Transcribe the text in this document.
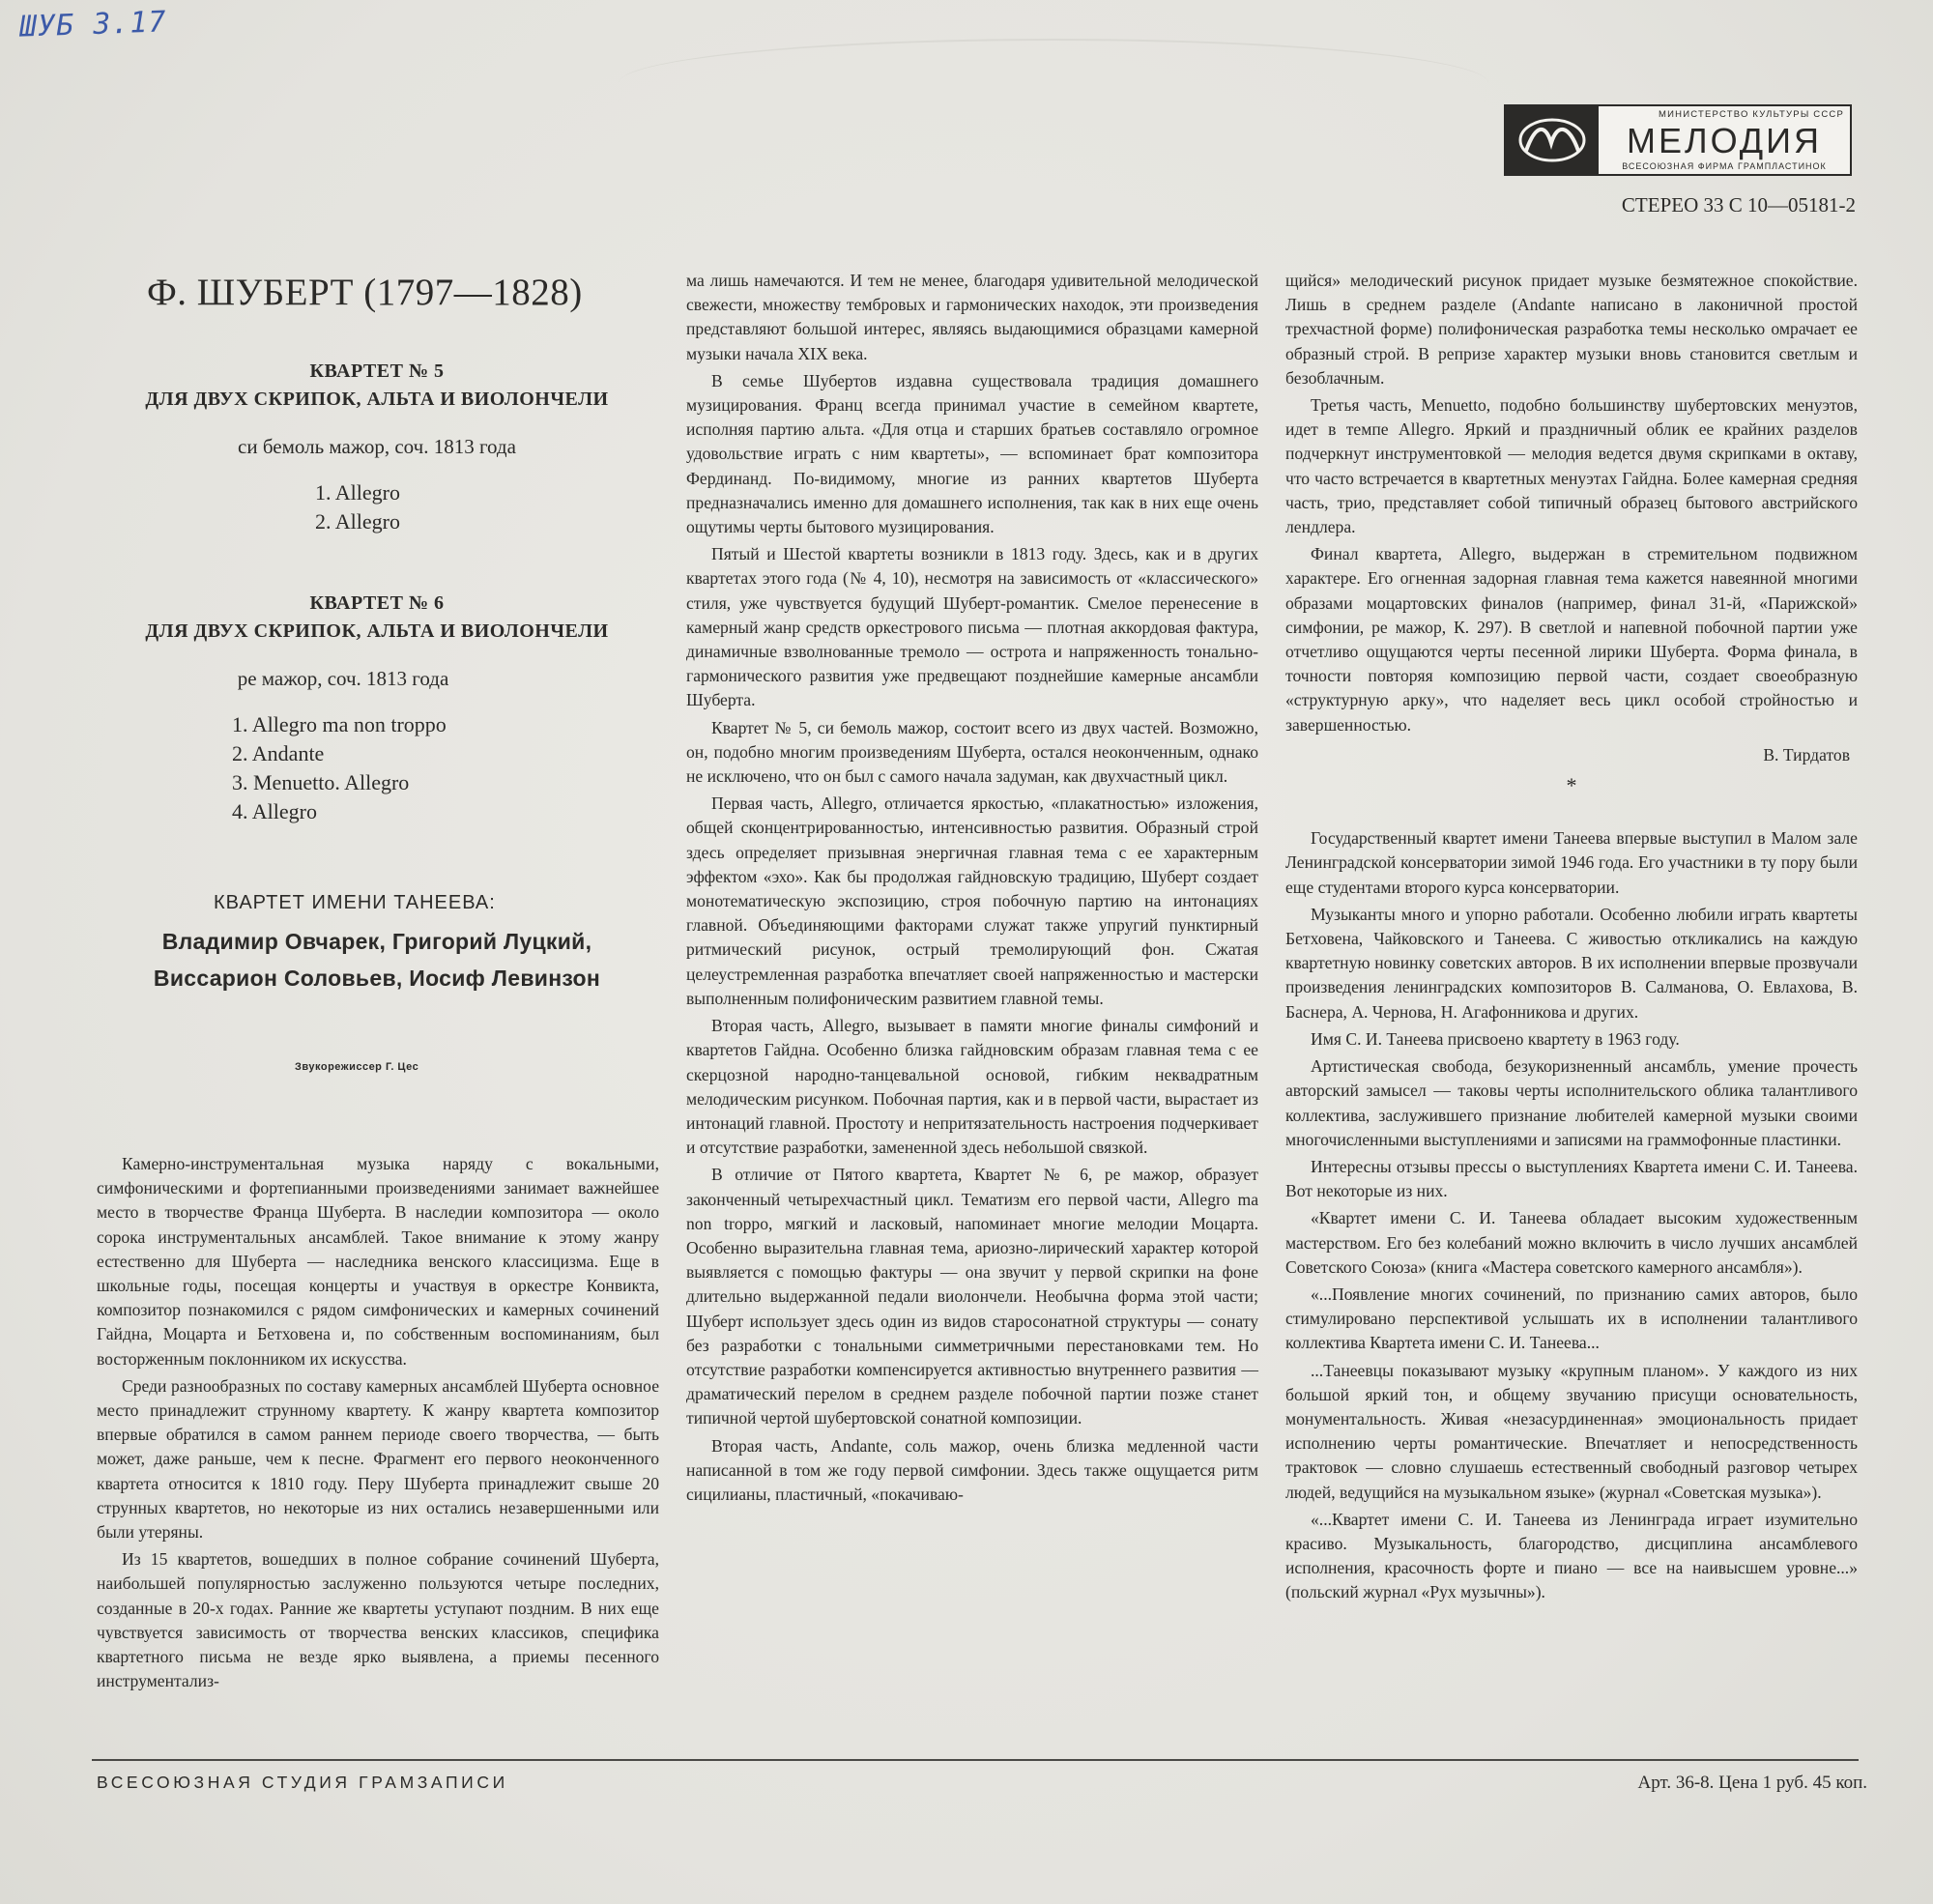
ШУБ 3.17
МИНИСТЕРСТВО КУЛЬТУРЫ СССР
МЕЛОДИЯ
ВСЕСОЮЗНАЯ ФИРМА ГРАМПЛАСТИНОК
СТЕРЕО 33 С 10—05181-2
Ф. ШУБЕРТ (1797—1828)
КВАРТЕТ № 5
ДЛЯ ДВУХ СКРИПОК, АЛЬТА И ВИОЛОНЧЕЛИ
си бемоль мажор, соч. 1813 года
1. Allegro
2. Allegro
КВАРТЕТ № 6
ДЛЯ ДВУХ СКРИПОК, АЛЬТА И ВИОЛОНЧЕЛИ
ре мажор, соч. 1813 года
1. Allegro ma non troppo
2. Andante
3. Menuetto. Allegro
4. Allegro
КВАРТЕТ ИМЕНИ ТАНЕЕВА:
Владимир Овчарек, Григорий Луцкий,
Виссарион Соловьев, Иосиф Левинзон
Звукорежиссер Г. Цес

Камерно-инструментальная музыка наряду с вокальными, симфоническими и фортепианными произведениями занимает важнейшее место в творчестве Франца Шуберта. В наследии композитора — около сорока инструментальных ансамблей. Такое внимание к этому жанру естественно для Шуберта — наследника венского классицизма. Еще в школьные годы, посещая концерты и участвуя в оркестре Конвикта, композитор познакомился с рядом симфонических и камерных сочинений Гайдна, Моцарта и Бетховена и, по собственным воспоминаниям, был восторженным поклонником их искусства.

Среди разнообразных по составу камерных ансамблей Шуберта основное место принадлежит струнному квартету. К жанру квартета композитор впервые обратился в самом раннем периоде своего творчества, — быть может, даже раньше, чем к песне. Фрагмент его первого неоконченного квартета относится к 1810 году. Перу Шуберта принадлежит свыше 20 струнных квартетов, но некоторые из них остались незавершенными или были утеряны.

Из 15 квартетов, вошедших в полное собрание сочинений Шуберта, наибольшей популярностью заслуженно пользуются четыре последних, созданные в 20-х годах. Ранние же квартеты уступают поздним. В них еще чувствуется зависимость от творчества венских классиков, специфика квартетного письма не везде ярко выявлена, а приемы песенного инструментализ-

ма лишь намечаются. И тем не менее, благодаря удивительной мелодической свежести, множеству тембровых и гармонических находок, эти произведения представляют большой интерес, являясь выдающимися образцами камерной музыки начала XIX века.

В семье Шубертов издавна существовала традиция домашнего музицирования. Франц всегда принимал участие в семейном квартете, исполняя партию альта. «Для отца и старших братьев составляло огромное удовольствие играть с ним квартеты», — вспоминает брат композитора Фердинанд. По-видимому, многие из ранних квартетов Шуберта предназначались именно для домашнего исполнения, так как в них еще очень ощутимы черты бытового музицирования.

Пятый и Шестой квартеты возникли в 1813 году. Здесь, как и в других квартетах этого года (№ 4, 10), несмотря на зависимость от «классического» стиля, уже чувствуется будущий Шуберт-романтик. Смелое перенесение в камерный жанр средств оркестрового письма — плотная аккордовая фактура, динамичные взволнованные тремоло — острота и напряженность тонально-гармонического развития уже предвещают позднейшие камерные ансамбли Шуберта.

Квартет № 5, си бемоль мажор, состоит всего из двух частей. Возможно, он, подобно многим произведениям Шуберта, остался неоконченным, однако не исключено, что он был с самого начала задуман, как двухчастный цикл.

Первая часть, Allegro, отличается яркостью, «плакатностью» изложения, общей сконцентрированностью, интенсивностью развития. Образный строй здесь определяет призывная энергичная главная тема с ее характерным эффектом «эхо». Как бы продолжая гайдновскую традицию, Шуберт создает монотематическую экспозицию, строя побочную партию на интонациях главной. Объединяющими факторами служат также упругий пунктирный ритмический рисунок, острый тремолирующий фон. Сжатая целеустремленная разработка впечатляет своей напряженностью и мастерски выполненным полифоническим развитием главной темы.

Вторая часть, Allegro, вызывает в памяти многие финалы симфоний и квартетов Гайдна. Особенно близка гайдновским образам главная тема с ее скерцозной народно-танцевальной основой, гибким неквадратным мелодическим рисунком. Побочная партия, как и в первой части, вырастает из интонаций главной. Простоту и непритязательность настроения подчеркивает и отсутствие разработки, замененной здесь небольшой связкой.

В отличие от Пятого квартета, Квартет № 6, ре мажор, образует законченный четырехчастный цикл. Тематизм его первой части, Allegro ma non troppo, мягкий и ласковый, напоминает многие мелодии Моцарта. Особенно выразительна главная тема, ариозно-лирический характер которой выявляется с помощью фактуры — она звучит у первой скрипки на фоне длительно выдержанной педали виолончели. Необычна форма этой части; Шуберт использует здесь один из видов старосонатной структуры — сонату без разработки с тональными симметричными перестановками тем. Но отсутствие разработки компенсируется активностью внутреннего развития — драматический перелом в среднем разделе побочной партии позже станет типичной чертой шубертовской сонатной композиции.

Вторая часть, Andante, соль мажор, очень близка медленной части написанной в том же году первой симфонии. Здесь также ощущается ритм сицилианы, пластичный, «покачиваю-

щийся» мелодический рисунок придает музыке безмятежное спокойствие. Лишь в среднем разделе (Andante написано в лаконичной простой трехчастной форме) полифоническая разработка темы несколько омрачает ее образный строй. В репризе характер музыки вновь становится светлым и безоблачным.

Третья часть, Menuetto, подобно большинству шубертовских менуэтов, идет в темпе Allegro. Яркий и праздничный облик ее крайних разделов подчеркнут инструментовкой — мелодия ведется двумя скрипками в октаву, что часто встречается в квартетных менуэтах Гайдна. Более камерная средняя часть, трио, представляет собой типичный образец бытового австрийского лендлера.

Финал квартета, Allegro, выдержан в стремительном подвижном характере. Его огненная задорная главная тема кажется навеянной многими образами моцартовских финалов (например, финал 31-й, «Парижской» симфонии, ре мажор, К. 297). В светлой и напевной побочной партии уже отчетливо ощущаются черты песенной лирики Шуберта. Форма финала, в точности повторяя композицию первой части, создает своеобразную «структурную арку», что наделяет весь цикл особой стройностью и завершенностью.

В. Тирдатов
*

Государственный квартет имени Танеева впервые выступил в Малом зале Ленинградской консерватории зимой 1946 года. Его участники в ту пору были еще студентами второго курса консерватории.

Музыканты много и упорно работали. Особенно любили играть квартеты Бетховена, Чайковского и Танеева. С живостью откликались на каждую квартетную новинку советских авторов. В их исполнении впервые прозвучали произведения ленинградских композиторов В. Салманова, О. Евлахова, В. Баснера, А. Чернова, Н. Агафонникова и других.

Имя С. И. Танеева присвоено квартету в 1963 году.

Артистическая свобода, безукоризненный ансамбль, умение прочесть авторский замысел — таковы черты исполнительского облика талантливого коллектива, заслужившего признание любителей камерной музыки своими многочисленными выступлениями и записями на граммофонные пластинки.

Интересны отзывы прессы о выступлениях Квартета имени С. И. Танеева. Вот некоторые из них.

«Квартет имени С. И. Танеева обладает высоким художественным мастерством. Его без колебаний можно включить в число лучших ансамблей Советского Союза» (книга «Мастера советского камерного ансамбля»).

«...Появление многих сочинений, по признанию самих авторов, было стимулировано перспективой услышать их в исполнении талантливого коллектива Квартета имени С. И. Танеева...

...Танеевцы показывают музыку «крупным планом». У каждого из них большой яркий тон, и общему звучанию присущи основательность, монументальность. Живая «незасурдиненная» эмоциональность придает исполнению черты романтические. Впечатляет и непосредственность трактовок — словно слушаешь естественный свободный разговор четырех людей, ведущийся на музыкальном языке» (журнал «Советская музыка»).

«...Квартет имени С. И. Танеева из Ленинграда играет изумительно красиво. Музыкальность, благородство, дисциплина ансамблевого исполнения, красочность форте и пиано — все на наивысшем уровне...» (польский журнал «Рух музычны»).

ВСЕСОЮЗНАЯ СТУДИЯ ГРАМЗАПИСИ	Арт. 36-8. Цена 1 руб. 45 коп.
